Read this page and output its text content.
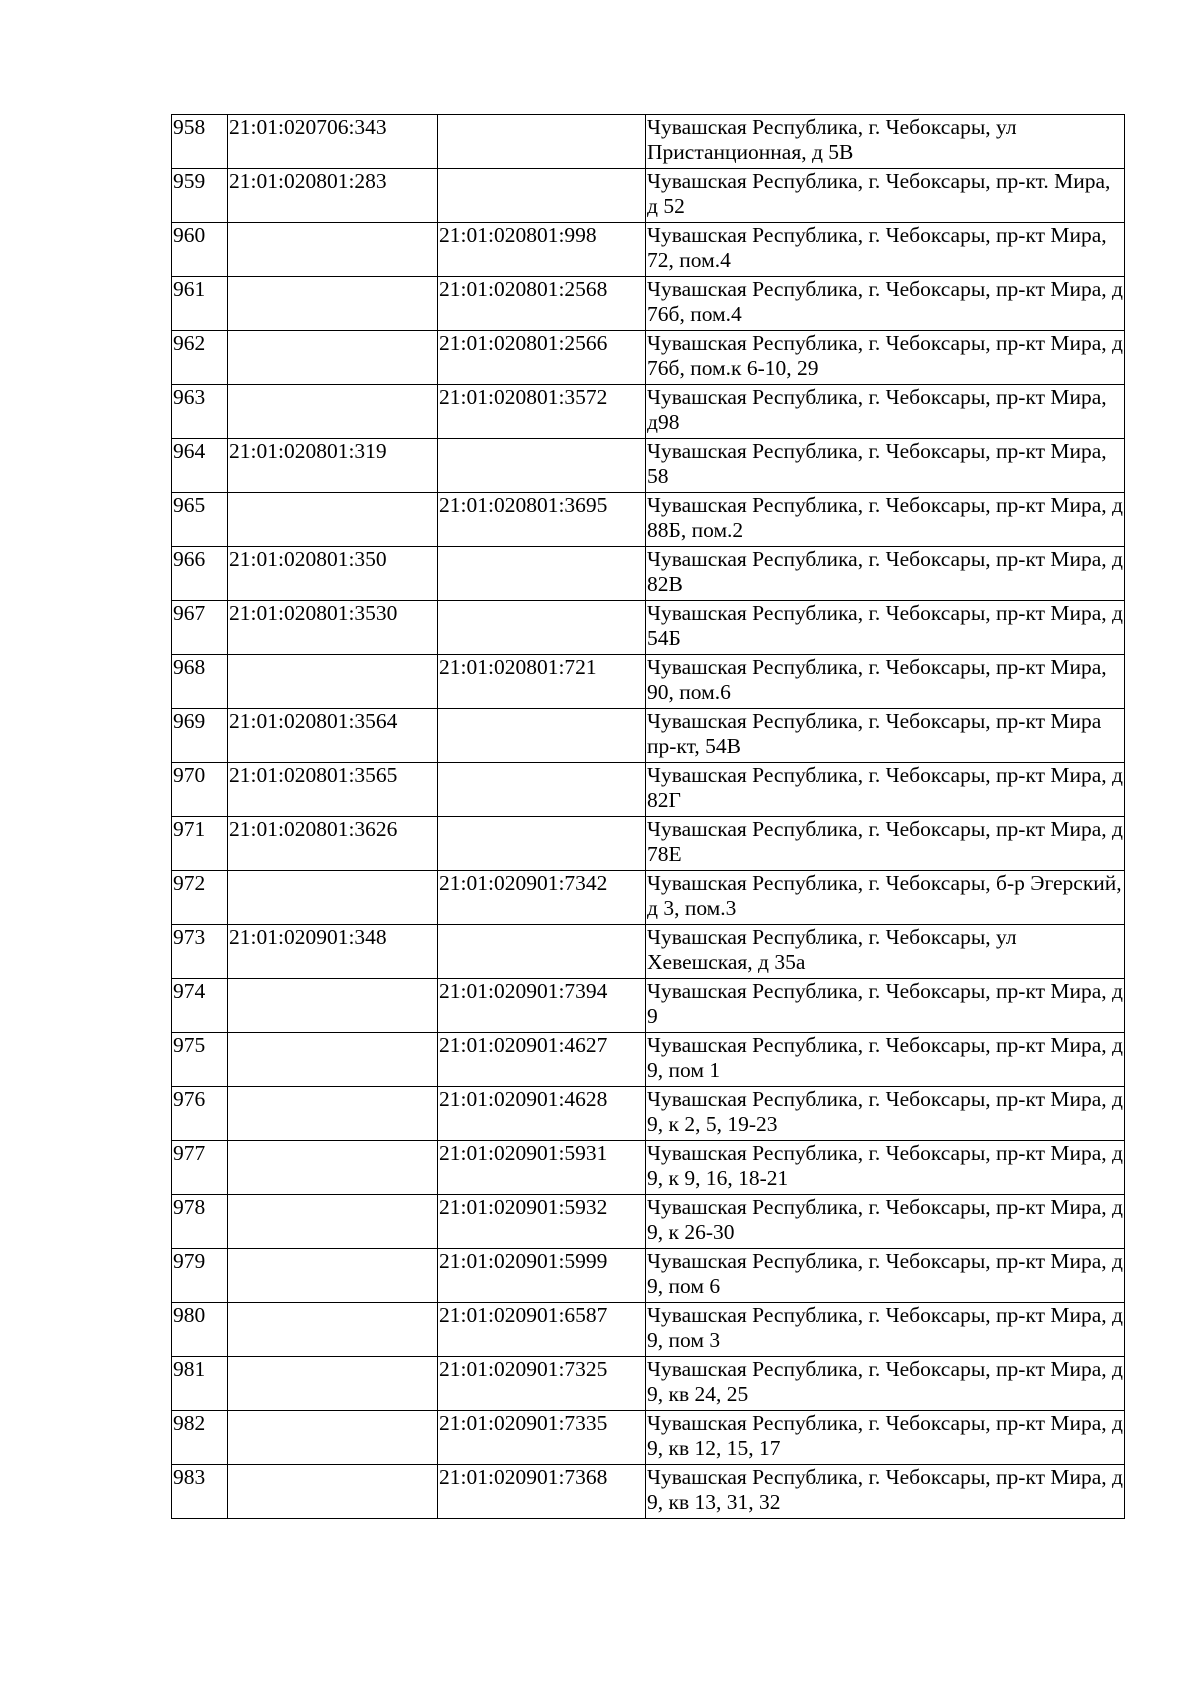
958	21:01:020706:343		Чувашская Республика, г. Чебоксары, ул Пристанционная, д 5В
959	21:01:020801:283		Чувашская Республика, г. Чебоксары, пр-кт. Мира, д 52
960		21:01:020801:998	Чувашская Республика, г. Чебоксары, пр-кт Мира, 72, пом.4
961		21:01:020801:2568	Чувашская Республика, г. Чебоксары, пр-кт Мира, д 76б, пом.4
962		21:01:020801:2566	Чувашская Республика, г. Чебоксары, пр-кт Мира, д 76б, пом.к 6-10, 29
963		21:01:020801:3572	Чувашская Республика, г. Чебоксары, пр-кт Мира, д98
964	21:01:020801:319		Чувашская Республика, г. Чебоксары, пр-кт Мира, 58
965		21:01:020801:3695	Чувашская Республика, г. Чебоксары, пр-кт Мира, д 88Б, пом.2
966	21:01:020801:350		Чувашская Республика, г. Чебоксары, пр-кт Мира, д 82В
967	21:01:020801:3530		Чувашская Республика, г. Чебоксары, пр-кт Мира, д 54Б
968		21:01:020801:721	Чувашская Республика, г. Чебоксары, пр-кт Мира, 90, пом.6
969	21:01:020801:3564		Чувашская Республика, г. Чебоксары, пр-кт Мира пр-кт, 54В
970	21:01:020801:3565		Чувашская Республика, г. Чебоксары, пр-кт Мира, д 82Г
971	21:01:020801:3626		Чувашская Республика, г. Чебоксары, пр-кт Мира, д 78Е
972		21:01:020901:7342	Чувашская Республика, г. Чебоксары, б-р Эгерский, д 3, пом.3
973	21:01:020901:348		Чувашская Республика, г. Чебоксары, ул Хевешская, д 35а
974		21:01:020901:7394	Чувашская Республика, г. Чебоксары, пр-кт Мира, д 9
975		21:01:020901:4627	Чувашская Республика, г. Чебоксары, пр-кт Мира, д 9, пом 1
976		21:01:020901:4628	Чувашская Республика, г. Чебоксары, пр-кт Мира, д 9, к 2, 5, 19-23
977		21:01:020901:5931	Чувашская Республика, г. Чебоксары, пр-кт Мира, д 9, к 9, 16, 18-21
978		21:01:020901:5932	Чувашская Республика, г. Чебоксары, пр-кт Мира, д 9, к 26-30
979		21:01:020901:5999	Чувашская Республика, г. Чебоксары, пр-кт Мира, д 9, пом 6
980		21:01:020901:6587	Чувашская Республика, г. Чебоксары, пр-кт Мира, д 9, пом 3
981		21:01:020901:7325	Чувашская Республика, г. Чебоксары, пр-кт Мира, д 9, кв 24, 25
982		21:01:020901:7335	Чувашская Республика, г. Чебоксары, пр-кт Мира, д 9, кв 12, 15, 17
983		21:01:020901:7368	Чувашская Республика, г. Чебоксары, пр-кт Мира, д 9, кв 13, 31, 32
